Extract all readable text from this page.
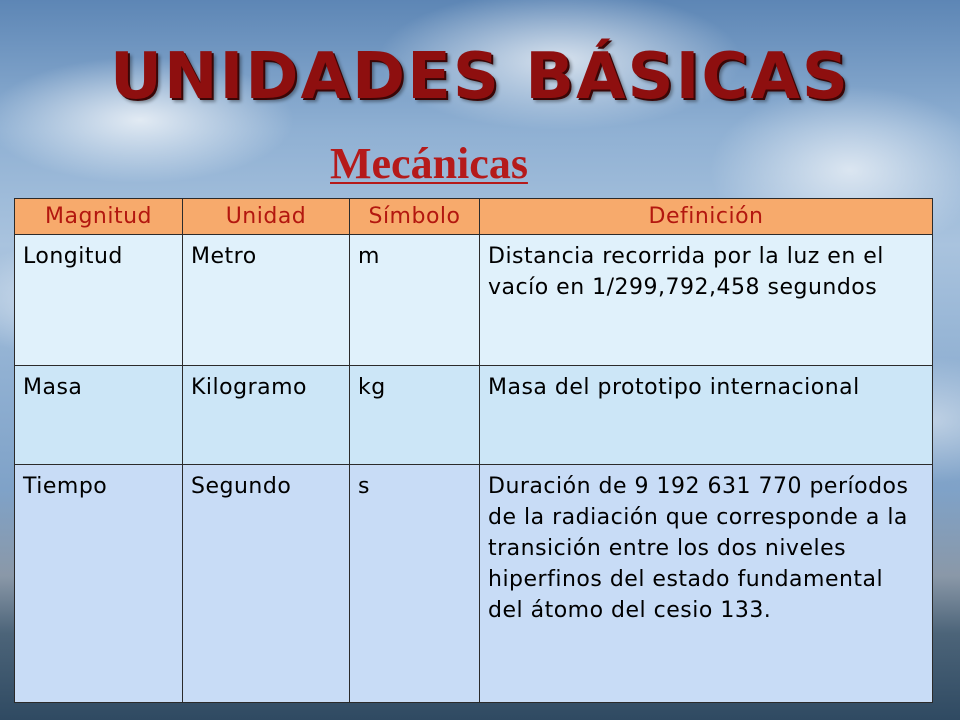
UNIDADES BÁSICAS
Mecánicas
Magnitud	Unidad	Símbolo	Definición
Longitud	Metro	m	Distancia recorrida por la luz en el vacío en 1/299,792,458 segundos
Masa	Kilogramo	kg	Masa del prototipo internacional
Tiempo	Segundo	s	Duración de 9 192 631 770 períodos de la radiación que corresponde a la transición entre los dos niveles hiperfinos del estado fundamental del átomo del cesio 133.
